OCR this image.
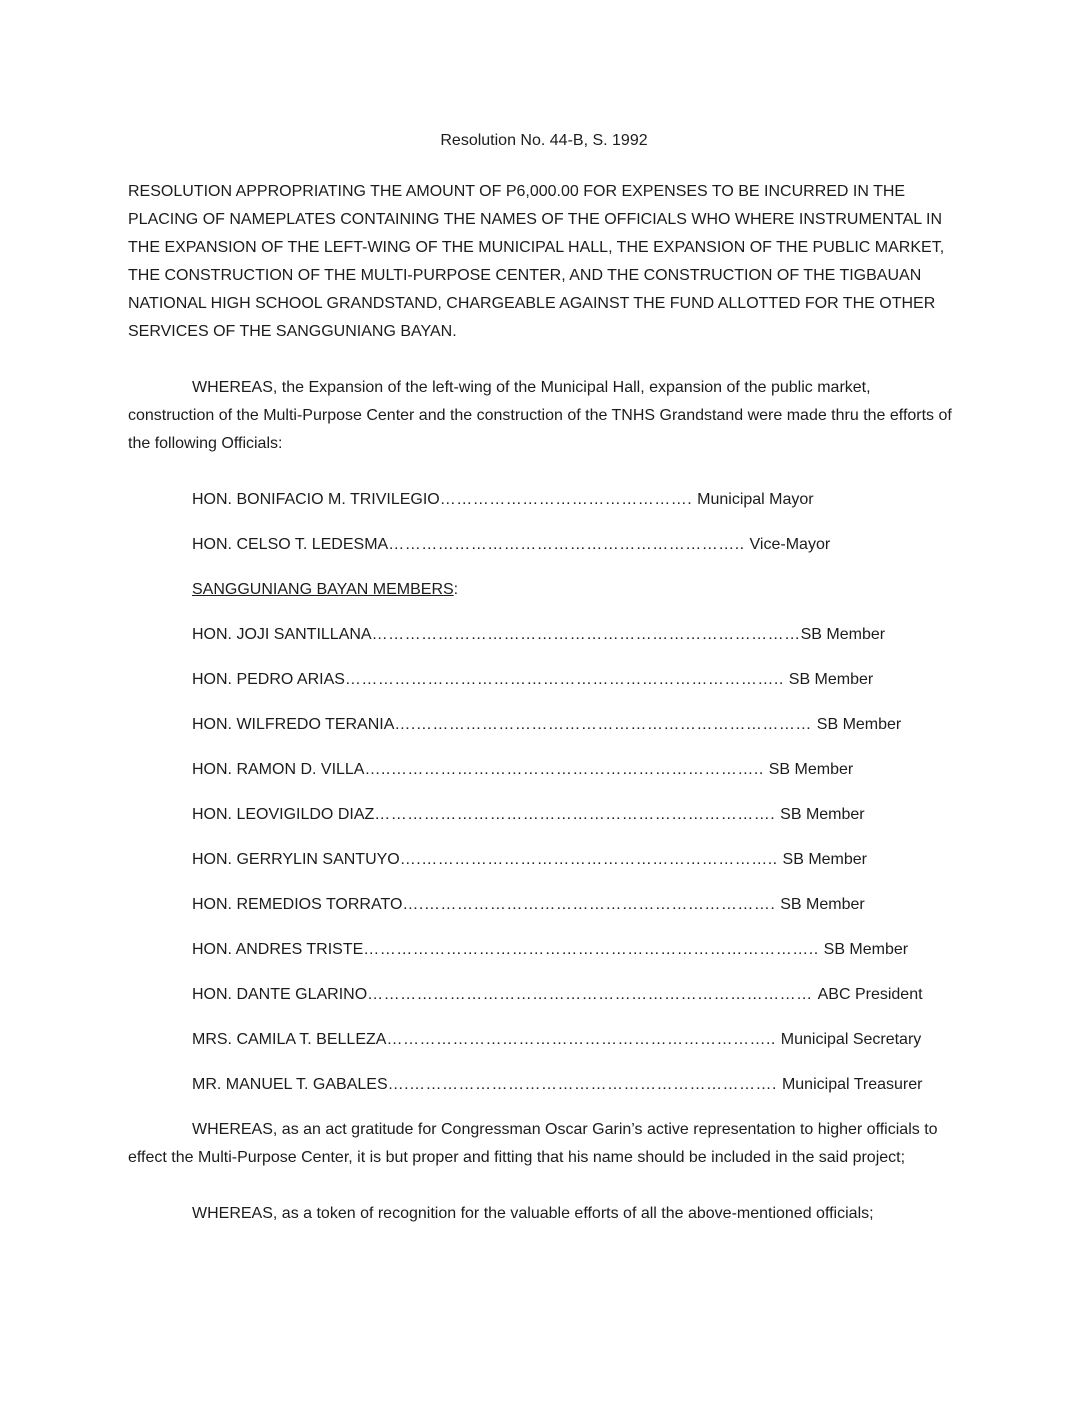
Resolution No. 44-B, S. 1992

RESOLUTION APPROPRIATING THE AMOUNT OF P6,000.00 FOR EXPENSES TO BE INCURRED IN THE PLACING OF NAMEPLATES CONTAINING THE NAMES OF THE OFFICIALS WHO WHERE INSTRUMENTAL IN THE EXPANSION OF THE LEFT-WING OF THE MUNICIPAL HALL, THE EXPANSION OF THE PUBLIC MARKET, THE CONSTRUCTION OF THE MULTI-PURPOSE CENTER, AND THE CONSTRUCTION OF THE TIGBAUAN NATIONAL HIGH SCHOOL GRANDSTAND, CHARGEABLE AGAINST THE FUND ALLOTTED FOR THE OTHER SERVICES OF THE SANGGUNIANG BAYAN.

WHEREAS, the Expansion of the left-wing of the Municipal Hall, expansion of the public market, construction of the Multi-Purpose Center and the construction of the TNHS Grandstand were made thru the efforts of the following Officials:

HON. BONIFACIO M. TRIVILEGIO………………………………………. Municipal Mayor
HON. CELSO T. LEDESMA……………………………………………………….. Vice-Mayor
SANGGUNIANG BAYAN MEMBERS:
HON. JOJI SANTILLANA……………………………………………………………………SB Member
HON. PEDRO ARIAS…………………………………………………………………….. SB Member
HON. WILFREDO TERANIA….……………………………………………………………… SB Member
HON. RAMON D. VILLA…..………………………………………………………….. SB Member
HON. LEOVIGILDO DIAZ………………………………………………………………. SB Member
HON. GERRYLIN SANTUYO….……………………………………………………….. SB Member
HON. REMEDIOS TORRATO….………………………………………………………. SB Member
HON. ANDRES TRISTE……………………………………………………………………….. SB Member
HON. DANTE GLARINO……………………………………………………………………… ABC President
MRS. CAMILA T. BELLEZA…………………………………………………………….. Municipal Secretary
MR. MANUEL T. GABALES….…………………………………………………………. Municipal Treasurer

WHEREAS, as an act gratitude for Congressman Oscar Garin’s active representation to higher officials to effect the Multi-Purpose Center, it is but proper and fitting that his name should be included in the said project;

WHEREAS, as a token of recognition for the valuable efforts of all the above-mentioned officials;
